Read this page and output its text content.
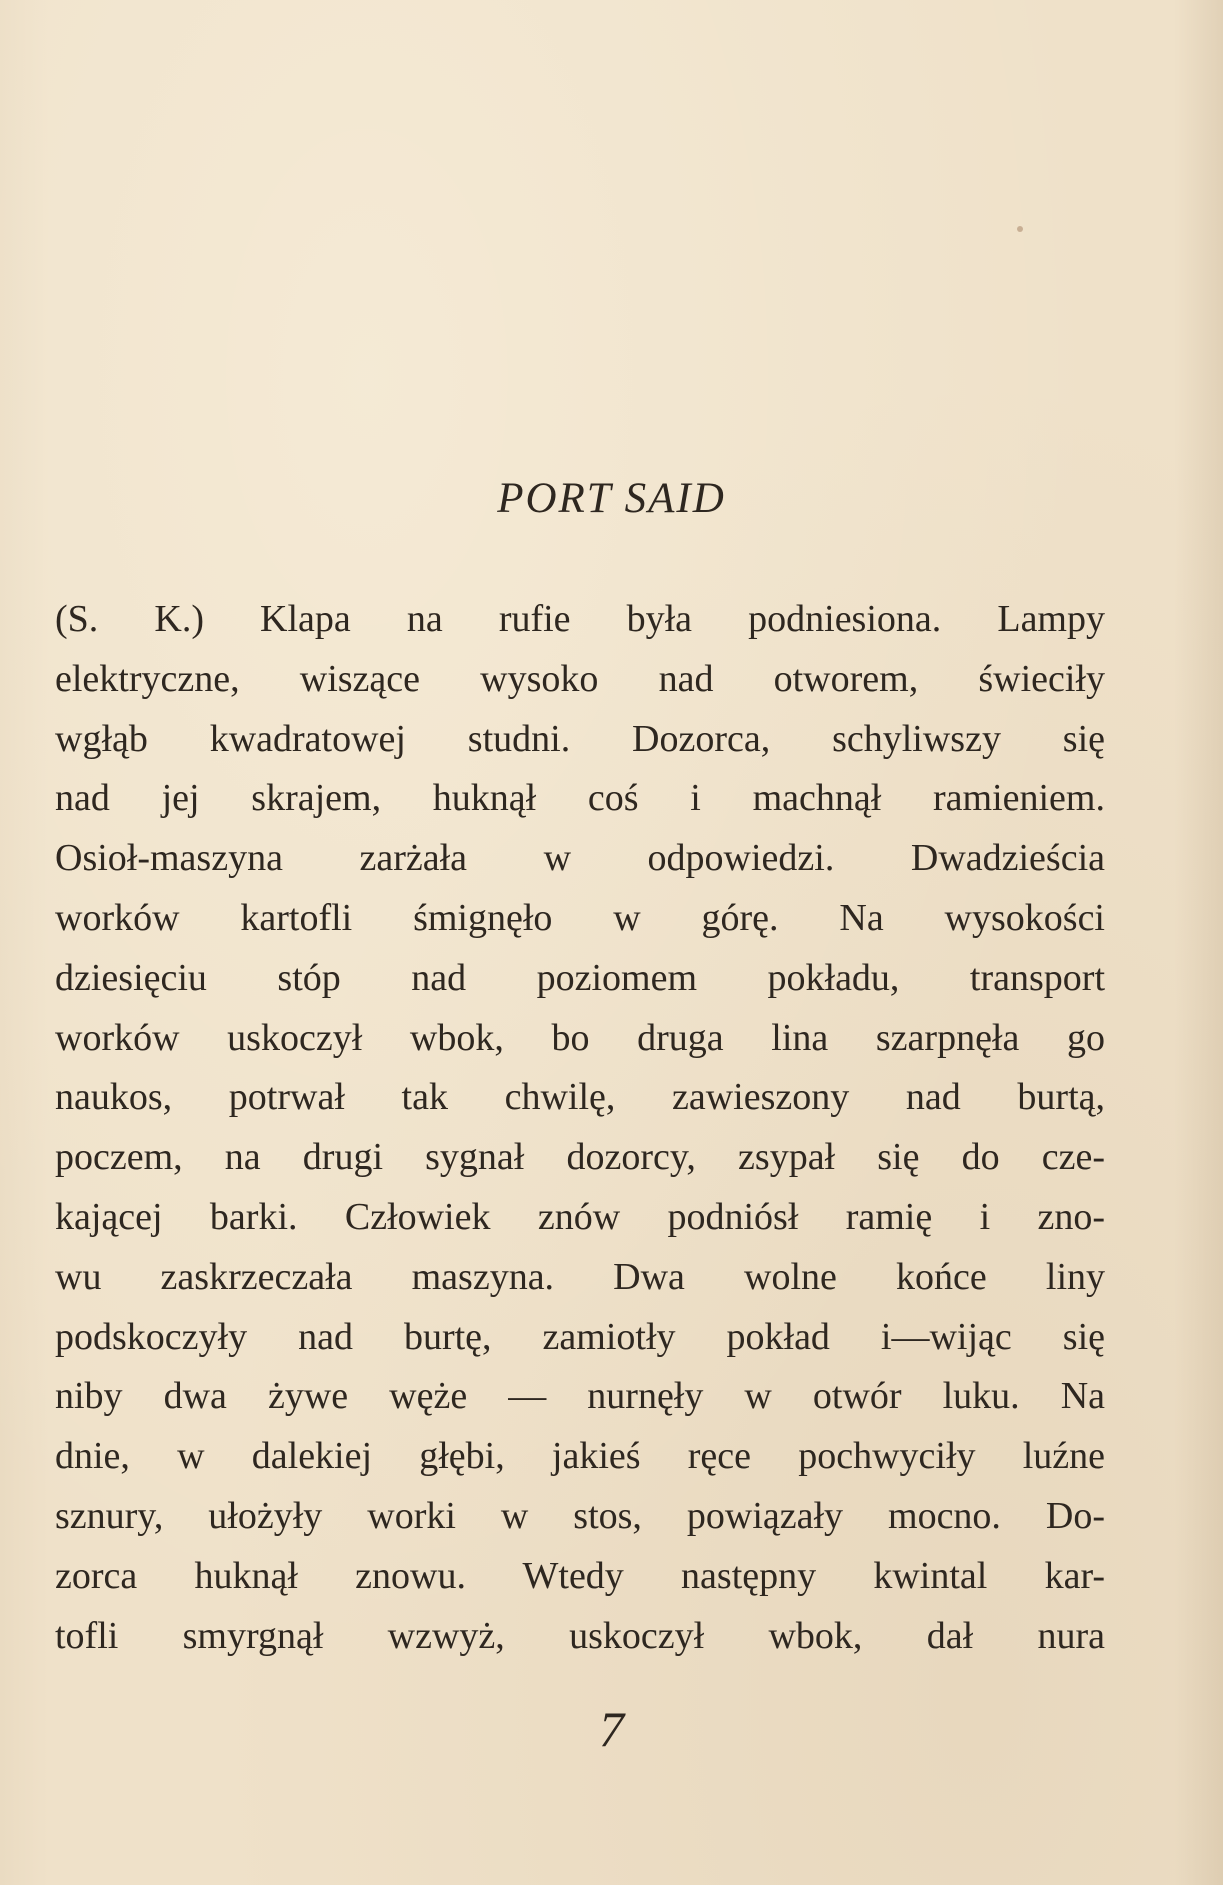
PORT SAID
(S. K.) Klapa na rufie była podniesiona. Lampy
elektryczne, wiszące wysoko nad otworem, świeciły
wgłąb kwadratowej studni. Dozorca, schyliwszy się
nad jej skrajem, huknął coś i machnął ramieniem.
Osioł-maszyna zarżała w odpowiedzi. Dwadzieścia
worków kartofli śmignęło w górę. Na wysokości
dziesięciu stóp nad poziomem pokładu, transport
worków uskoczył wbok, bo druga lina szarpnęła go
naukos, potrwał tak chwilę, zawieszony nad burtą,
poczem, na drugi sygnał dozorcy, zsypał się do cze-
kającej barki. Człowiek znów podniósł ramię i zno-
wu zaskrzeczała maszyna. Dwa wolne końce liny
podskoczyły nad burtę, zamiotły pokład i—wijąc się
niby dwa żywe węże — nurnęły w otwór luku. Na
dnie, w dalekiej głębi, jakieś ręce pochwyciły luźne
sznury, ułożyły worki w stos, powiązały mocno. Do-
zorca huknął znowu. Wtedy następny kwintal kar-
tofli smyrgnął wzwyż, uskoczył wbok, dał nura
7
